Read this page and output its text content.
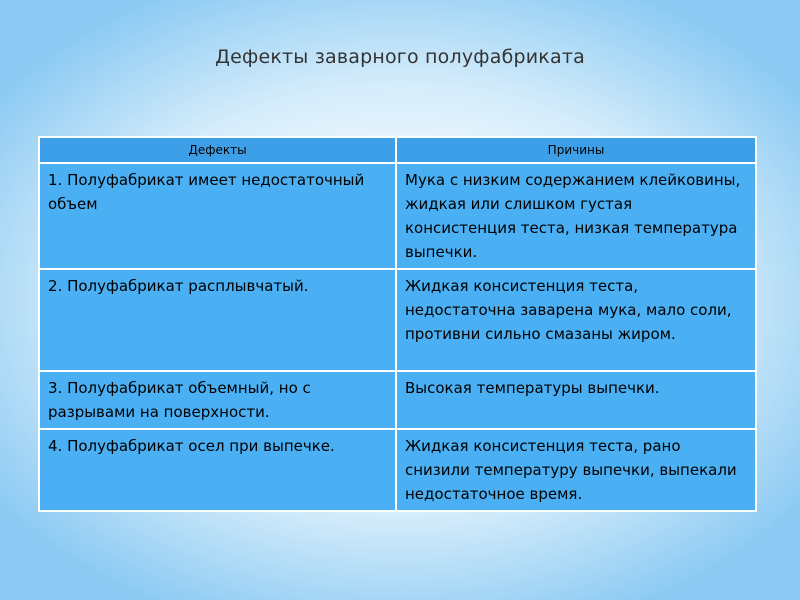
Дефекты заварного полуфабриката
Дефекты	Причины
1. Полуфабрикат имеет недостаточный объем	Мука с низким содержанием клейковины, жидкая или слишком густая консистенция теста, низкая температура выпечки.
2. Полуфабрикат расплывчатый.	Жидкая консистенция теста, недостаточна заварена мука, мало соли, противни сильно смазаны жиром.
3. Полуфабрикат объемный, но с разрывами на поверхности.	Высокая температуры выпечки.
4. Полуфабрикат осел при выпечке.	Жидкая консистенция теста, рано снизили температуру выпечки, выпекали недостаточное время.
